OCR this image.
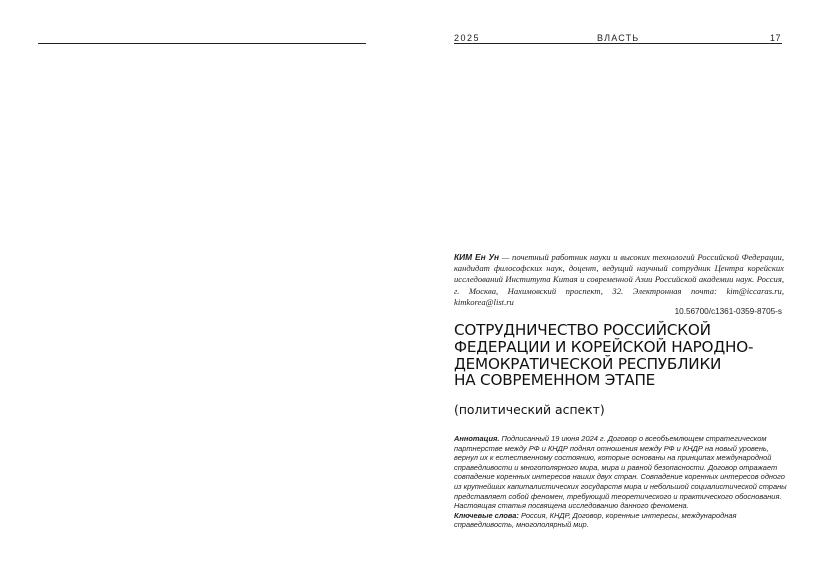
2025	ВЛАСТЬ	17
КИМ Ен Ун — почетный работник науки и высоких технологий Российской Федерации, кандидат философских наук, доцент, ведущий научный сотрудник Центра корейских исследований Института Китая и современной Азии Российской академии наук. Россия, г. Москва, Нахимовский проспект, 32. Электронная почта: kim@iccaras.ru, kimkorea@list.ru
10.56700/c1361-0359-8705-s
СОТРУДНИЧЕСТВО РОССИЙСКОЙ
ФЕДЕРАЦИИ И КОРЕЙСКОЙ НАРОДНО-
ДЕМОКРАТИЧЕСКОЙ РЕСПУБЛИКИ
НА СОВРЕМЕННОМ ЭТАПЕ
(политический аспект)
Аннотация. Подписанный 19 июня 2024 г. Договор о всеобъемлющем стратегическом
партнерстве между РФ и КНДР поднял отношения между РФ и КНДР на новый уровень,
вернул их к естественному состоянию, которые основаны на принципах международной
справедливости и многополярного мира, мира и равной безопасности. Договор отражает
совпадение коренных интересов наших двух стран. Совпадение коренных интересов одного
из крупнейших капиталистических государств мира и небольшой социалистической страны
представляет собой феномен, требующий теоретического и практического обоснования.
Настоящая статья посвящена исследованию данного феномена.
Ключевые слова: Россия, КНДР, Договор, коренные интересы, международная
справедливость, многополярный мир.
